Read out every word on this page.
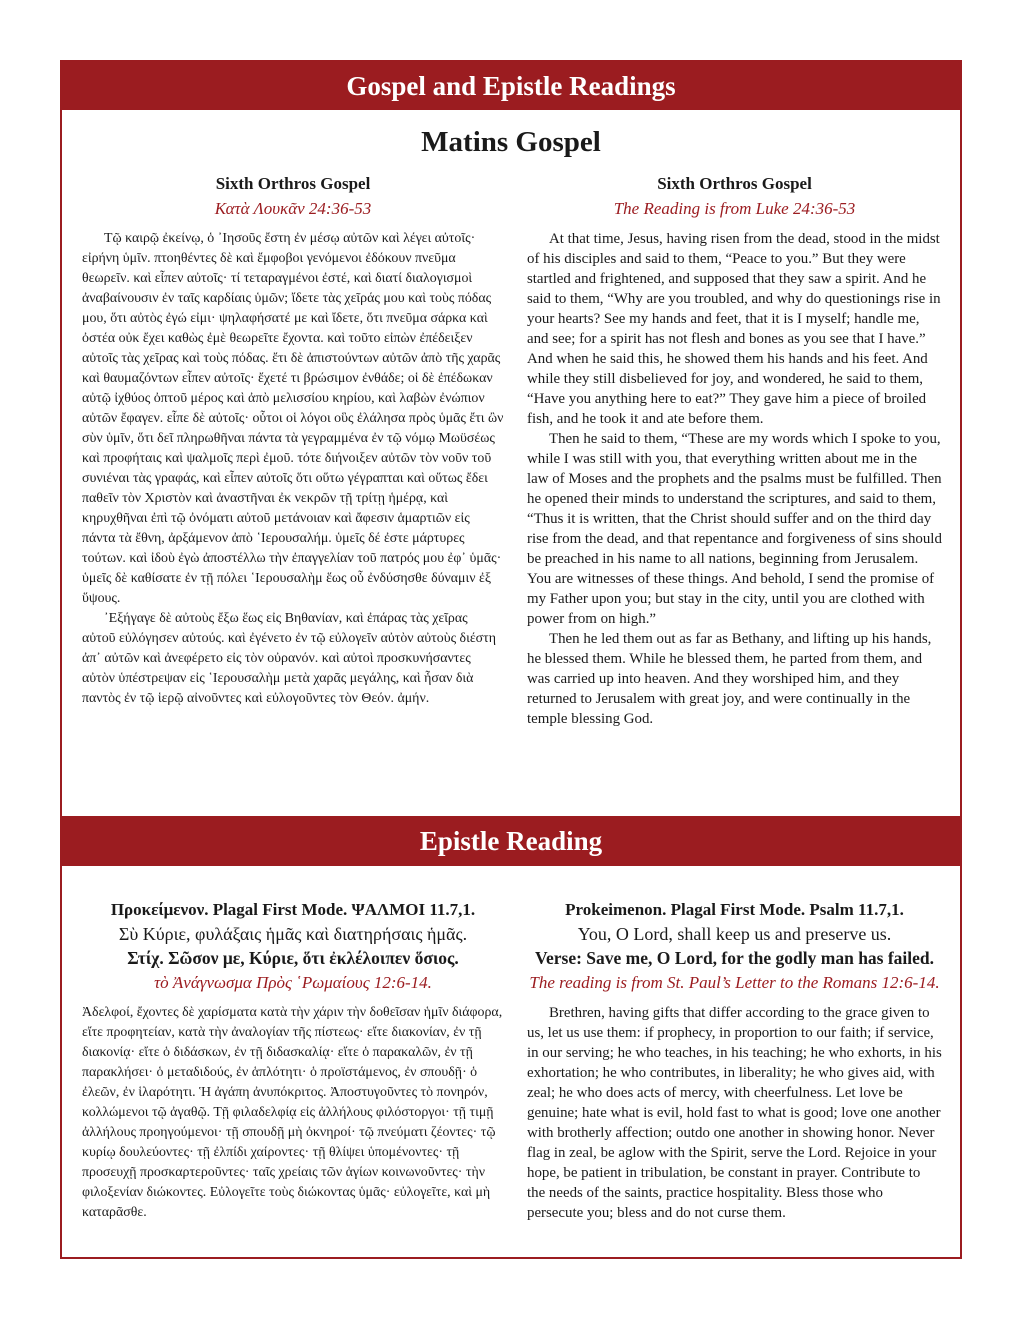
Gospel and Epistle Readings
Matins Gospel
Sixth Orthros Gospel
Κατὰ Λουκᾶν 24:36-53

Τῷ καιρῷ ἐκείνῳ, ὁ ᾿Ιησοῦς ἔστη ἐν μέσῳ αὐτῶν καὶ λέγει αὐτοῖς· εἰρήνη ὑμῖν. πτοηθέντες δὲ καὶ ἔμφοβοι γενόμενοι ἐδόκουν πνεῦμα θεωρεῖν. καὶ εἶπεν αὐτοῖς· τί τεταραγμένοι ἐστέ, καὶ διατί διαλογισμοὶ ἀναβαίνουσιν ἐν ταῖς καρδίαις ὑμῶν; ἴδετε τὰς χεῖράς μου καὶ τοὺς πόδας μου, ὅτι αὐτὸς ἐγώ εἰμι· ψηλαφήσατέ με καὶ ἴδετε, ὅτι πνεῦμα σάρκα καὶ ὀστέα οὐκ ἔχει καθὼς ἐμὲ θεωρεῖτε ἔχοντα. καὶ τοῦτο εἰπὼν ἐπέδειξεν αὐτοῖς τὰς χεῖρας καὶ τοὺς πόδας. ἔτι δὲ ἀπιστούντων αὐτῶν ἀπὸ τῆς χαρᾶς καὶ θαυμαζόντων εἶπεν αὐτοῖς· ἔχετέ τι βρώσιμον ἐνθάδε; οἱ δὲ ἐπέδωκαν αὐτῷ ἰχθύος ὀπτοῦ μέρος καὶ ἀπὸ μελισσίου κηρίου, καὶ λαβὼν ἐνώπιον αὐτῶν ἔφαγεν. εἶπε δὲ αὐτοῖς· οὗτοι οἱ λόγοι οὓς ἐλάλησα πρὸς ὑμᾶς ἔτι ὢν σὺν ὑμῖν, ὅτι δεῖ πληρωθῆναι πάντα τὰ γεγραμμένα ἐν τῷ νόμῳ Μωϋσέως καὶ προφήταις καὶ ψαλμοῖς περὶ ἐμοῦ. τότε διήνοιξεν αὐτῶν τὸν νοῦν τοῦ συνιέναι τὰς γραφάς, καὶ εἶπεν αὐτοῖς ὅτι οὕτω γέγραπται καὶ οὕτως ἔδει παθεῖν τὸν Χριστὸν καὶ ἀναστῆναι ἐκ νεκρῶν τῇ τρίτῃ ἡμέρᾳ, καὶ κηρυχθῆναι ἐπὶ τῷ ὀνόματι αὐτοῦ μετάνοιαν καὶ ἄφεσιν ἁμαρτιῶν εἰς πάντα τὰ ἔθνη, ἀρξάμενον ἀπὸ ῾Ιερουσαλήμ. ὑμεῖς δέ ἐστε μάρτυρες τούτων. καὶ ἰδοὺ ἐγὼ ἀποστέλλω τὴν ἐπαγγελίαν τοῦ πατρός μου ἐφ᾽ ὑμᾶς· ὑμεῖς δὲ καθίσατε ἐν τῇ πόλει ῾Ιερουσαλὴμ ἕως οὗ ἐνδύσησθε δύναμιν ἐξ ὕψους.

᾿Εξήγαγε δὲ αὐτοὺς ἔξω ἕως εἰς Βηθανίαν, καὶ ἐπάρας τὰς χεῖρας αὐτοῦ εὐλόγησεν αὐτούς. καὶ ἐγένετο ἐν τῷ εὐλογεῖν αὐτὸν αὐτοὺς διέστη ἀπ᾽ αὐτῶν καὶ ἀνεφέρετο εἰς τὸν οὐρανόν. καὶ αὐτοὶ προσκυνήσαντες αὐτὸν ὑπέστρεψαν εἰς ῾Ιερουσαλὴμ μετὰ χαρᾶς μεγάλης, καὶ ἦσαν διὰ παντὸς ἐν τῷ ἱερῷ αἰνοῦντες καὶ εὐλογοῦντες τὸν Θεόν. ἀμήν.

Sixth Orthros Gospel
The Reading is from Luke 24:36-53

At that time, Jesus, having risen from the dead, stood in the midst of his disciples and said to them, “Peace to you.” But they were startled and frightened, and supposed that they saw a spirit. And he said to them, “Why are you troubled, and why do questionings rise in your hearts? See my hands and feet, that it is I myself; handle me, and see; for a spirit has not flesh and bones as you see that I have.” And when he said this, he showed them his hands and his feet. And while they still disbelieved for joy, and wondered, he said to them, “Have you anything here to eat?” They gave him a piece of broiled fish, and he took it and ate before them.

Then he said to them, “These are my words which I spoke to you, while I was still with you, that everything written about me in the law of Moses and the prophets and the psalms must be fulfilled. Then he opened their minds to understand the scriptures, and said to them, “Thus it is written, that the Christ should suffer and on the third day rise from the dead, and that repentance and forgiveness of sins should be preached in his name to all nations, beginning from Jerusalem. You are witnesses of these things. And behold, I send the promise of my Father upon you; but stay in the city, until you are clothed with power from on high.”

Then he led them out as far as Bethany, and lifting up his hands, he blessed them. While he blessed them, he parted from them, and was carried up into heaven. And they worshiped him, and they returned to Jerusalem with great joy, and were continually in the temple blessing God.

Epistle Reading
Προκείμενον. Plagal First Mode. ΨΑΛΜΟΙ 11.7,1.
Σὺ Κύριε, φυλάξαις ἡμᾶς καὶ διατηρήσαις ἡμᾶς.
Στίχ. Σῶσον με, Κύριε, ὅτι ἐκλέλοιπεν ὅσιος.
τὸ Ἀνάγνωσμα Πρὸς ῾Ρωμαίους 12:6-14.

Ἀδελφοί, ἔχοντες δὲ χαρίσματα κατὰ τὴν χάριν τὴν δοθεῖσαν ἡμῖν διάφορα, εἴτε προφητείαν, κατὰ τὴν ἀναλογίαν τῆς πίστεως· εἴτε διακονίαν, ἐν τῇ διακονίᾳ· εἴτε ὁ διδάσκων, ἐν τῇ διδασκαλίᾳ· εἴτε ὁ παρακαλῶν, ἐν τῇ παρακλήσει· ὁ μεταδιδούς, ἐν ἁπλότητι· ὁ προϊστάμενος, ἐν σπουδῇ· ὁ ἐλεῶν, ἐν ἱλαρότητι. Ἡ ἀγάπη ἀνυπόκριτος. Ἀποστυγοῦντες τὸ πονηρόν, κολλώμενοι τῷ ἀγαθῷ. Τῇ φιλαδελφίᾳ εἰς ἀλλήλους φιλόστοργοι· τῇ τιμῇ ἀλλήλους προηγούμενοι· τῇ σπουδῇ μὴ ὀκνηροί· τῷ πνεύματι ζέοντες· τῷ κυρίῳ δουλεύοντες· τῇ ἐλπίδι χαίροντες· τῇ θλίψει ὑπομένοντες· τῇ προσευχῇ προσκαρτεροῦντες· ταῖς χρείαις τῶν ἁγίων κοινωνοῦντες· τὴν φιλοξενίαν διώκοντες. Εὐλογεῖτε τοὺς διώκοντας ὑμᾶς· εὐλογεῖτε, καὶ μὴ καταρᾶσθε.

Prokeimenon. Plagal First Mode. Psalm 11.7,1.
You, O Lord, shall keep us and preserve us.
Verse: Save me, O Lord, for the godly man has failed.
The reading is from St. Paul’s Letter to the Romans 12:6-14.

Brethren, having gifts that differ according to the grace given to us, let us use them: if prophecy, in proportion to our faith; if service, in our serving; he who teaches, in his teaching; he who exhorts, in his exhortation; he who contributes, in liberality; he who gives aid, with zeal; he who does acts of mercy, with cheerfulness. Let love be genuine; hate what is evil, hold fast to what is good; love one another with brotherly affection; outdo one another in showing honor. Never flag in zeal, be aglow with the Spirit, serve the Lord. Rejoice in your hope, be patient in tribulation, be constant in prayer. Contribute to the needs of the saints, practice hospitality. Bless those who persecute you; bless and do not curse them.
